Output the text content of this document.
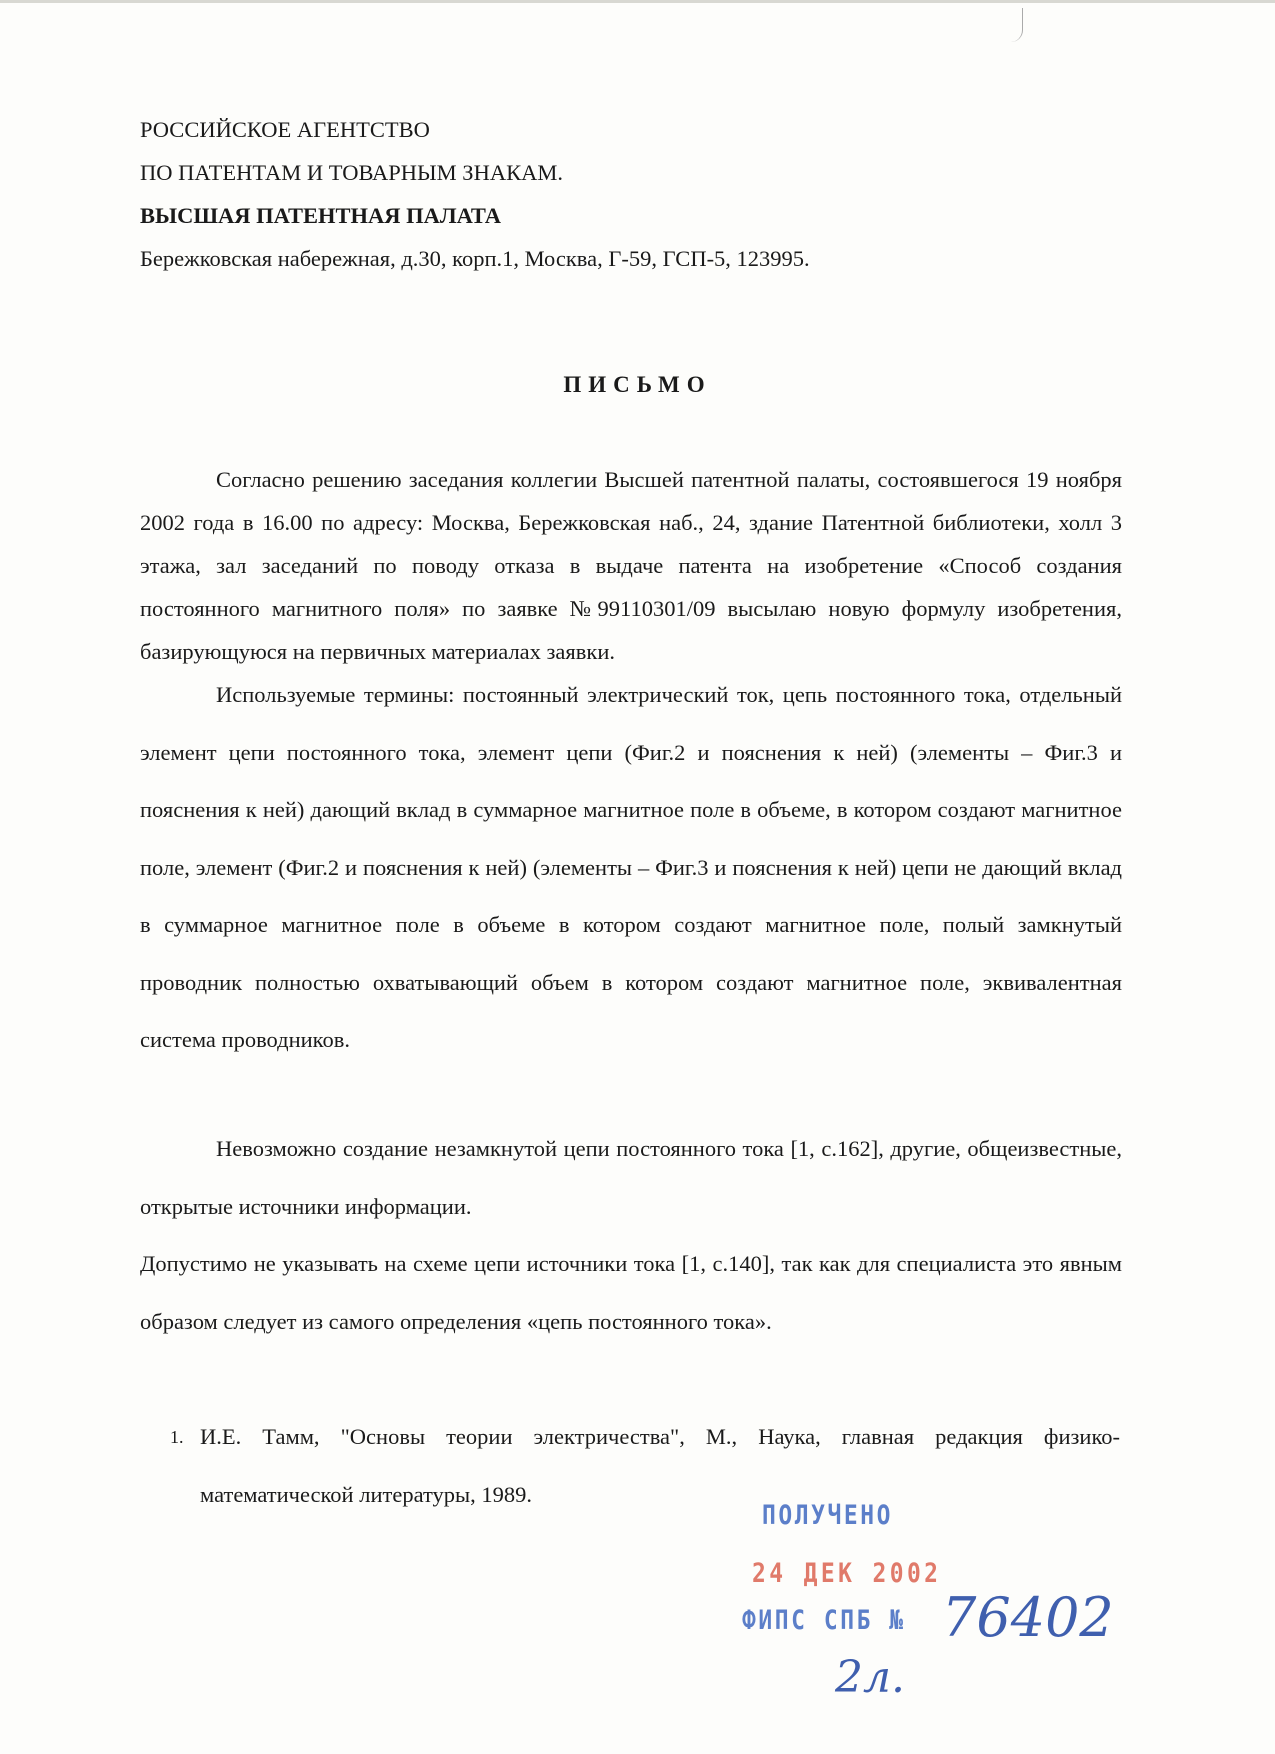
РОССИЙСКОЕ АГЕНТСТВО
ПО ПАТЕНТАМ И ТОВАРНЫМ ЗНАКАМ.
ВЫСШАЯ ПАТЕНТНАЯ ПАЛАТА
Бережковская набережная, д.30, корп.1, Москва, Г-59, ГСП-5, 123995.
ПИСЬМО
Согласно решению заседания коллегии Высшей патентной палаты, состоявшегося 19 ноября 2002 года в 16.00 по адресу: Москва, Бережковская наб., 24, здание Патентной библиотеки, холл 3 этажа, зал заседаний по поводу отказа в выдаче патента на изобретение «Способ создания постоянного магнитного поля» по заявке №99110301/09 высылаю новую формулу изобретения, базирующуюся на первичных материалах заявки.
Используемые термины: постоянный электрический ток, цепь постоянного тока, отдельный элемент цепи постоянного тока, элемент цепи (Фиг.2 и пояснения к ней) (элементы – Фиг.3 и пояснения к ней) дающий вклад в суммарное магнитное поле в объеме, в котором создают магнитное поле, элемент (Фиг.2 и пояснения к ней) (элементы – Фиг.3 и пояснения к ней) цепи не дающий вклад в суммарное магнитное поле в объеме в котором создают магнитное поле, полый замкнутый проводник полностью охватывающий объем в котором создают магнитное поле, эквивалентная система проводников.
Невозможно создание незамкнутой цепи постоянного тока [1, с.162], другие, общеизвестные, открытые источники информации.
Допустимо не указывать на схеме цепи источники тока [1, с.140], так как для специалиста это явным образом следует из самого определения «цепь постоянного тока».
1. И.Е. Тамм, "Основы теории электричества", М., Наука, главная редакция физико-математической литературы, 1989.
ПОЛУЧЕНО
24 ДЕК 2002
ФИПС СПБ № 76402
2л.
